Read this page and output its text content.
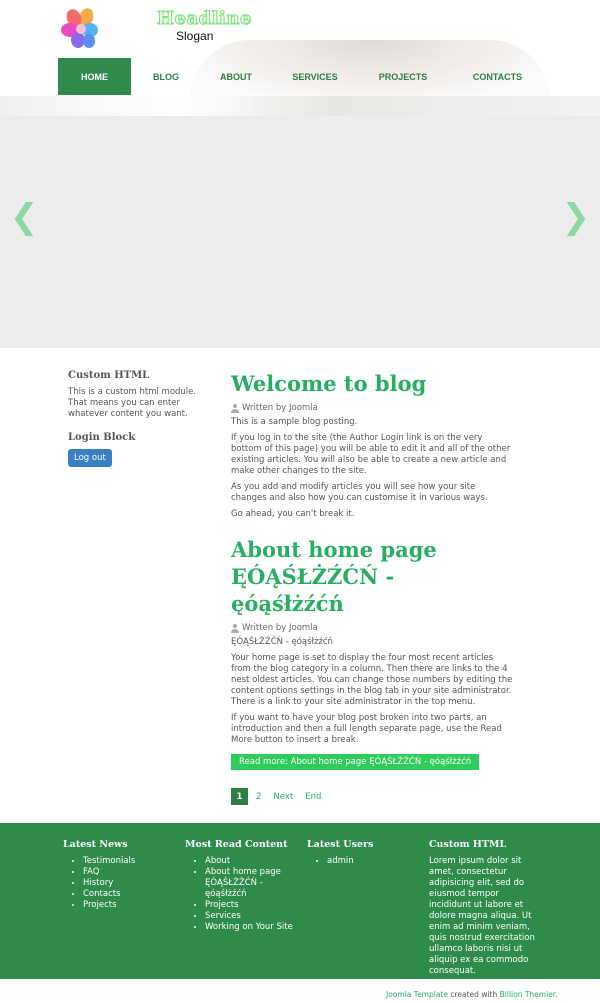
Headline
Slogan
HOME	BLOG	ABOUT	SERVICES	PROJECTS	CONTACTS
❮	❯
Custom HTML
This is a custom html module. That means you can enter whatever content you want.
Login Block
Log out
Welcome to blog
Written by Joomla
This is a sample blog posting.
If you log in to the site (the Author Login link is on the very bottom of this page) you will be able to edit it and all of the other existing articles. You will also be able to create a new article and make other changes to the site.
As you add and modify articles you will see how your site changes and also how you can customise it in various ways.
Go ahead, you can't break it.
About home page ĘÓĄŚŁŻŹĆŃ - ęóąśłżźćń
Written by Joomla
ĘÓĄŚŁŻŹĆŃ - ęóąśłżźćń
Your home page is set to display the four most recent articles from the blog category in a column. Then there are links to the 4 nest oldest articles. You can change those numbers by editing the content options settings in the blog tab in your site administrator. There is a link to your site administrator in the top menu.
If you want to have your blog post broken into two parts, an introduction and then a full length separate page, use the Read More button to insert a break.
Read more: About home page ĘÓĄŚŁŻŹĆŃ - ęóąśłżźćń
1	2 Next End
Latest News
• Testimonials
• FAQ
• History
• Contacts
• Projects
Most Read Content
• About
• About home page ĘÓĄŚŁŻŹĆŃ - ęóąśłżźćń
• Projects
• Services
• Working on Your Site
Latest Users
• admin
Custom HTML

Lorem ipsum dolor sit amet, consectetur adipisicing elit, sed do eiusmod tempor incididunt ut labore et dolore magna aliqua. Ut enim ad minim veniam, quis nostrud exercitation ullamco laboris nisi ut aliquip ex ea commodo consequat.

Joomla Template created with Billion Themler.
